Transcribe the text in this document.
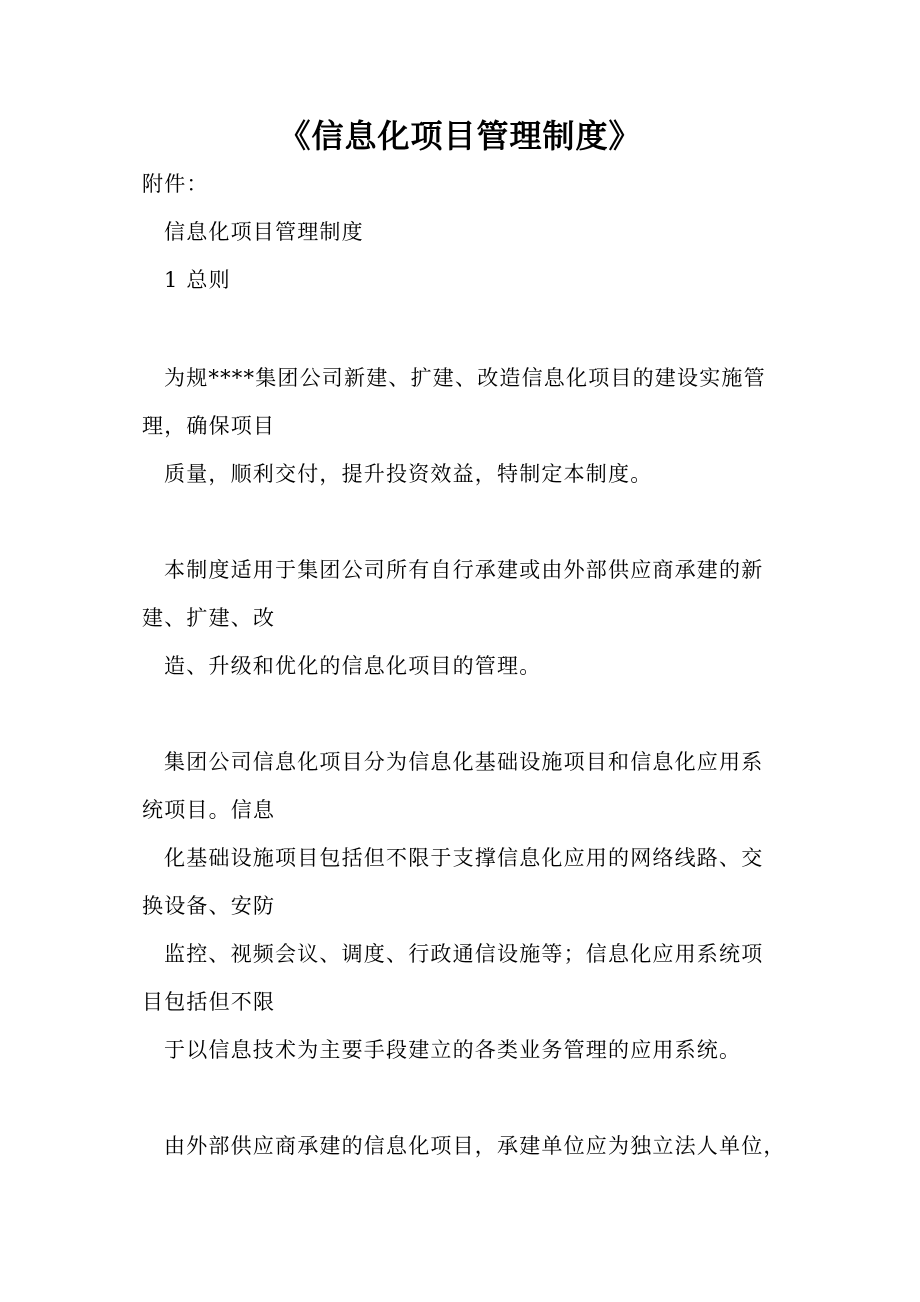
《信息化项目管理制度》

附件：

信息化项目管理制度

1 总则

为规****集团公司新建、扩建、改造信息化项目的建设实施管

理，确保项目

质量，顺利交付，提升投资效益，特制定本制度。

本制度适用于集团公司所有自行承建或由外部供应商承建的新

建、扩建、改

造、升级和优化的信息化项目的管理。

集团公司信息化项目分为信息化基础设施项目和信息化应用系

统项目。信息

化基础设施项目包括但不限于支撑信息化应用的网络线路、交

换设备、安防

监控、视频会议、调度、行政通信设施等；信息化应用系统项

目包括但不限

于以信息技术为主要手段建立的各类业务管理的应用系统。

由外部供应商承建的信息化项目，承建单位应为独立法人单位，
